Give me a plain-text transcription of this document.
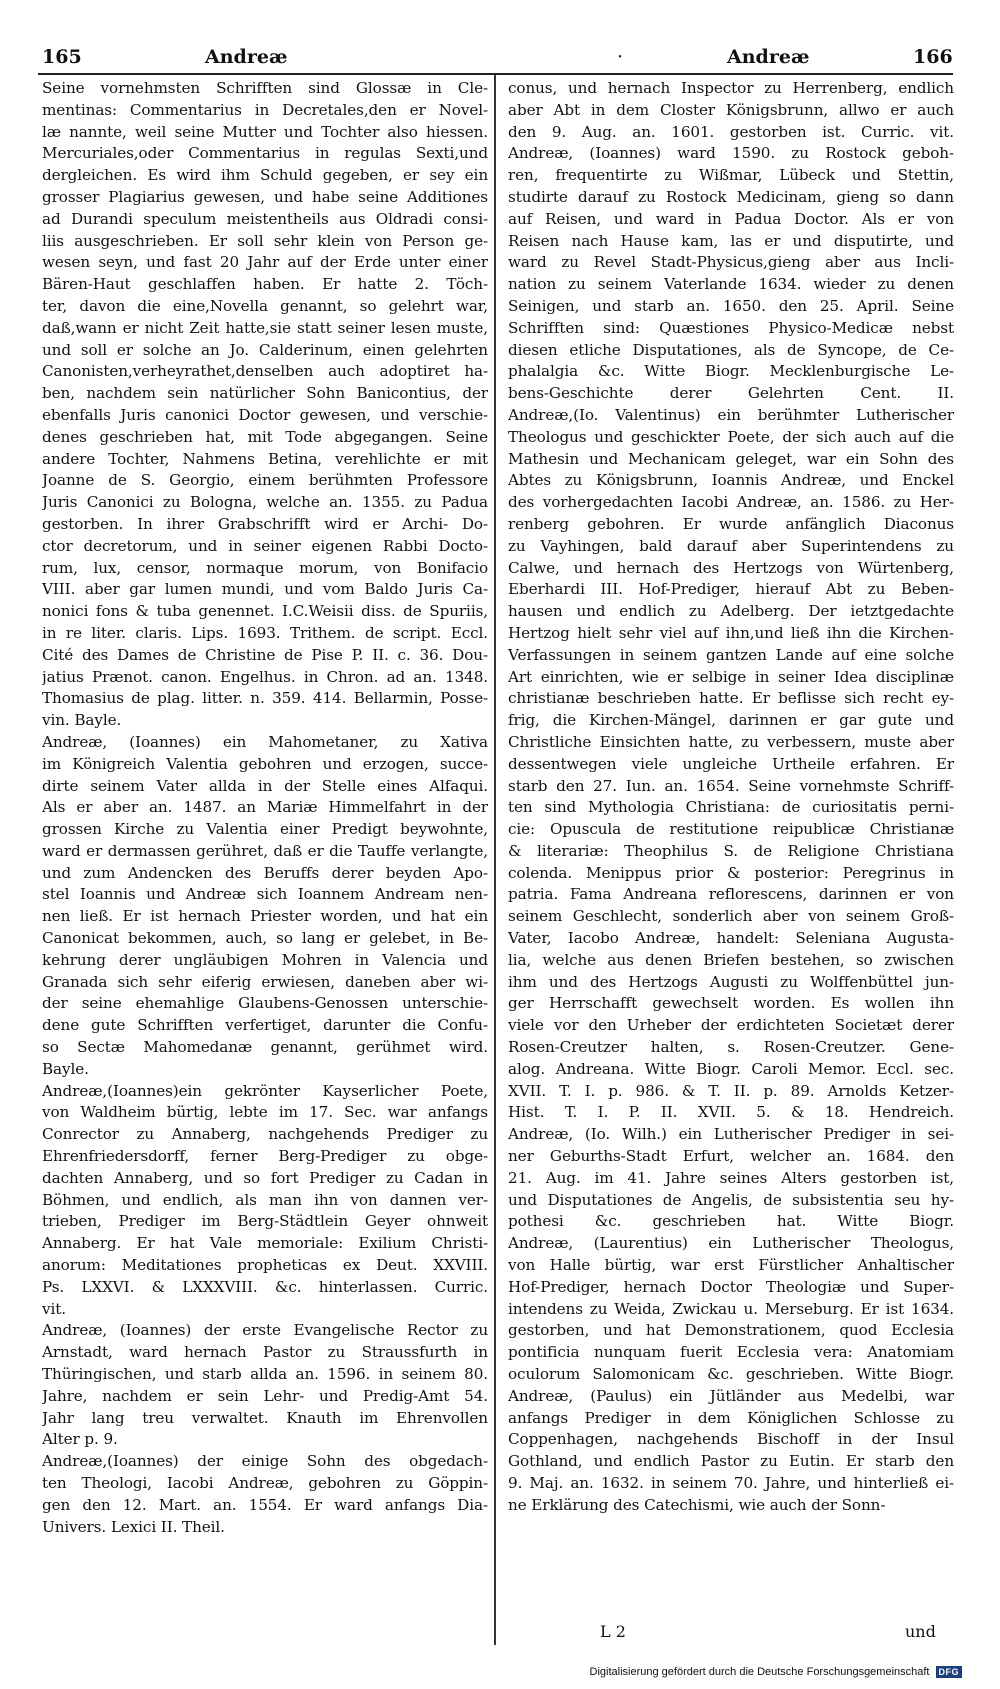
165	Andreæ	·	Andreæ	166
Seine vornehmsten Schrifften sind Glossæ in Cle-
mentinas: Commentarius in Decretales,den er Novel-
læ nannte, weil seine Mutter und Tochter also hiessen.
Mercuriales,oder Commentarius in regulas Sexti,und
dergleichen. Es wird ihm Schuld gegeben, er sey ein
grosser Plagiarius gewesen, und habe seine Additiones
ad Durandi speculum meistentheils aus Oldradi consi-
liis ausgeschrieben. Er soll sehr klein von Person ge-
wesen seyn, und fast 20 Jahr auf der Erde unter einer
Bären-Haut geschlaffen haben. Er hatte 2. Töch-
ter, davon die eine,Novella genannt, so gelehrt war,
daß,wann er nicht Zeit hatte,sie statt seiner lesen muste,
und soll er solche an Jo. Calderinum, einen gelehrten
Canonisten,verheyrathet,denselben auch adoptiret ha-
ben, nachdem sein natürlicher Sohn Banicontius, der
ebenfalls Juris canonici Doctor gewesen, und verschie-
denes geschrieben hat, mit Tode abgegangen. Seine
andere Tochter, Nahmens Betina, verehlichte er mit
Joanne de S. Georgio, einem berühmten Professore
Juris Canonici zu Bologna, welche an. 1355. zu Padua
gestorben. In ihrer Grabschrifft wird er Archi- Do-
ctor decretorum, und in seiner eigenen Rabbi Docto-
rum, lux, censor, normaque morum, von Bonifacio
VIII. aber gar lumen mundi, und vom Baldo Juris Ca-
nonici fons & tuba genennet. I.C.Weisii diss. de Spuriis,
in re liter. claris. Lips. 1693. Trithem. de script. Eccl.
Cité des Dames de Christine de Pise P. II. c. 36. Dou-
jatius Prænot. canon. Engelhus. in Chron. ad an. 1348.
Thomasius de plag. litter. n. 359. 414. Bellarmin, Posse-
vin. Bayle.
Andreæ, (Ioannes) ein Mahometaner, zu Xativa
im Königreich Valentia gebohren und erzogen, succe-
dirte seinem Vater allda in der Stelle eines Alfaqui.
Als er aber an. 1487. an Mariæ Himmelfahrt in der
grossen Kirche zu Valentia einer Predigt beywohnte,
ward er dermassen gerühret, daß er die Tauffe verlangte,
und zum Andencken des Beruffs derer beyden Apo-
stel Ioannis und Andreæ sich Ioannem Andream nen-
nen ließ. Er ist hernach Priester worden, und hat ein
Canonicat bekommen, auch, so lang er gelebet, in Be-
kehrung derer ungläubigen Mohren in Valencia und
Granada sich sehr eiferig erwiesen, daneben aber wi-
der seine ehemahlige Glaubens-Genossen unterschie-
dene gute Schrifften verfertiget, darunter die Confu-
so Sectæ Mahomedanæ genannt, gerühmet wird.
Bayle.
Andreæ,(Ioannes)ein gekrönter Kayserlicher Poete,
von Waldheim bürtig, lebte im 17. Sec. war anfangs
Conrector zu Annaberg, nachgehends Prediger zu
Ehrenfriedersdorff, ferner Berg-Prediger zu obge-
dachten Annaberg, und so fort Prediger zu Cadan in
Böhmen, und endlich, als man ihn von dannen ver-
trieben, Prediger im Berg-Städtlein Geyer ohnweit
Annaberg. Er hat Vale memoriale: Exilium Christi-
anorum: Meditationes propheticas ex Deut. XXVIII.
Ps. LXXVI. & LXXXVIII. &c. hinterlassen. Curric.
vit.
Andreæ, (Ioannes) der erste Evangelische Rector zu
Arnstadt, ward hernach Pastor zu Straussfurth in
Thüringischen, und starb allda an. 1596. in seinem 80.
Jahre, nachdem er sein Lehr- und Predig-Amt 54.
Jahr lang treu verwaltet. Knauth im Ehrenvollen
Alter p. 9.
Andreæ,(Ioannes) der einige Sohn des obgedach-
ten Theologi, Iacobi Andreæ, gebohren zu Göppin-
gen den 12. Mart. an. 1554. Er ward anfangs Dia-
Univers. Lexici II. Theil.
conus, und hernach Inspector zu Herrenberg, endlich
aber Abt in dem Closter Königsbrunn, allwo er auch
den 9. Aug. an. 1601. gestorben ist. Curric. vit.
Andreæ, (Ioannes) ward 1590. zu Rostock geboh-
ren, frequentirte zu Wißmar, Lübeck und Stettin,
studirte darauf zu Rostock Medicinam, gieng so dann
auf Reisen, und ward in Padua Doctor. Als er von
Reisen nach Hause kam, las er und disputirte, und
ward zu Revel Stadt-Physicus,gieng aber aus Incli-
nation zu seinem Vaterlande 1634. wieder zu denen
Seinigen, und starb an. 1650. den 25. April. Seine
Schrifften sind: Quæstiones Physico-Medicæ nebst
diesen etliche Disputationes, als de Syncope, de Ce-
phalalgia &c. Witte Biogr. Mecklenburgische Le-
bens-Geschichte derer Gelehrten Cent. II.
Andreæ,(Io. Valentinus) ein berühmter Lutherischer
Theologus und geschickter Poete, der sich auch auf die
Mathesin und Mechanicam geleget, war ein Sohn des
Abtes zu Königsbrunn, Ioannis Andreæ, und Enckel
des vorhergedachten Iacobi Andreæ, an. 1586. zu Her-
renberg gebohren. Er wurde anfänglich Diaconus
zu Vayhingen, bald darauf aber Superintendens zu
Calwe, und hernach des Hertzogs von Würtenberg,
Eberhardi III. Hof-Prediger, hierauf Abt zu Beben-
hausen und endlich zu Adelberg. Der ietztgedachte
Hertzog hielt sehr viel auf ihn,und ließ ihn die Kirchen-
Verfassungen in seinem gantzen Lande auf eine solche
Art einrichten, wie er selbige in seiner Idea disciplinæ
christianæ beschrieben hatte. Er beflisse sich recht ey-
frig, die Kirchen-Mängel, darinnen er gar gute und
Christliche Einsichten hatte, zu verbessern, muste aber
dessentwegen viele ungleiche Urtheile erfahren. Er
starb den 27. Iun. an. 1654. Seine vornehmste Schriff-
ten sind Mythologia Christiana: de curiositatis perni-
cie: Opuscula de restitutione reipublicæ Christianæ
& literariæ: Theophilus S. de Religione Christiana
colenda. Menippus prior & posterior: Peregrinus in
patria. Fama Andreana reflorescens, darinnen er von
seinem Geschlecht, sonderlich aber von seinem Groß-
Vater, Iacobo Andreæ, handelt: Seleniana Augusta-
lia, welche aus denen Briefen bestehen, so zwischen
ihm und des Hertzogs Augusti zu Wolffenbüttel jun-
ger Herrschafft gewechselt worden. Es wollen ihn
viele vor den Urheber der erdichteten Societæt derer
Rosen-Creutzer halten, s. Rosen-Creutzer. Gene-
alog. Andreana. Witte Biogr. Caroli Memor. Eccl. sec.
XVII. T. I. p. 986. & T. II. p. 89. Arnolds Ketzer-
Hist. T. I. P. II. XVII. 5. & 18. Hendreich.
Andreæ, (Io. Wilh.) ein Lutherischer Prediger in sei-
ner Geburths-Stadt Erfurt, welcher an. 1684. den
21. Aug. im 41. Jahre seines Alters gestorben ist,
und Disputationes de Angelis, de subsistentia seu hy-
pothesi &c. geschrieben hat. Witte Biogr.
Andreæ, (Laurentius) ein Lutherischer Theologus,
von Halle bürtig, war erst Fürstlicher Anhaltischer
Hof-Prediger, hernach Doctor Theologiæ und Super-
intendens zu Weida, Zwickau u. Merseburg. Er ist 1634.
gestorben, und hat Demonstrationem, quod Ecclesia
pontificia nunquam fuerit Ecclesia vera: Anatomiam
oculorum Salomonicam &c. geschrieben. Witte Biogr.
Andreæ, (Paulus) ein Jütländer aus Medelbi, war
anfangs Prediger in dem Königlichen Schlosse zu
Coppenhagen, nachgehends Bischoff in der Insul
Gothland, und endlich Pastor zu Eutin. Er starb den
9. Maj. an. 1632. in seinem 70. Jahre, und hinterließ ei-
ne Erklärung des Catechismi, wie auch der Sonn-
L 2	und
Digitalisierung gefördert durch die Deutsche Forschungsgemeinschaft	DFG
